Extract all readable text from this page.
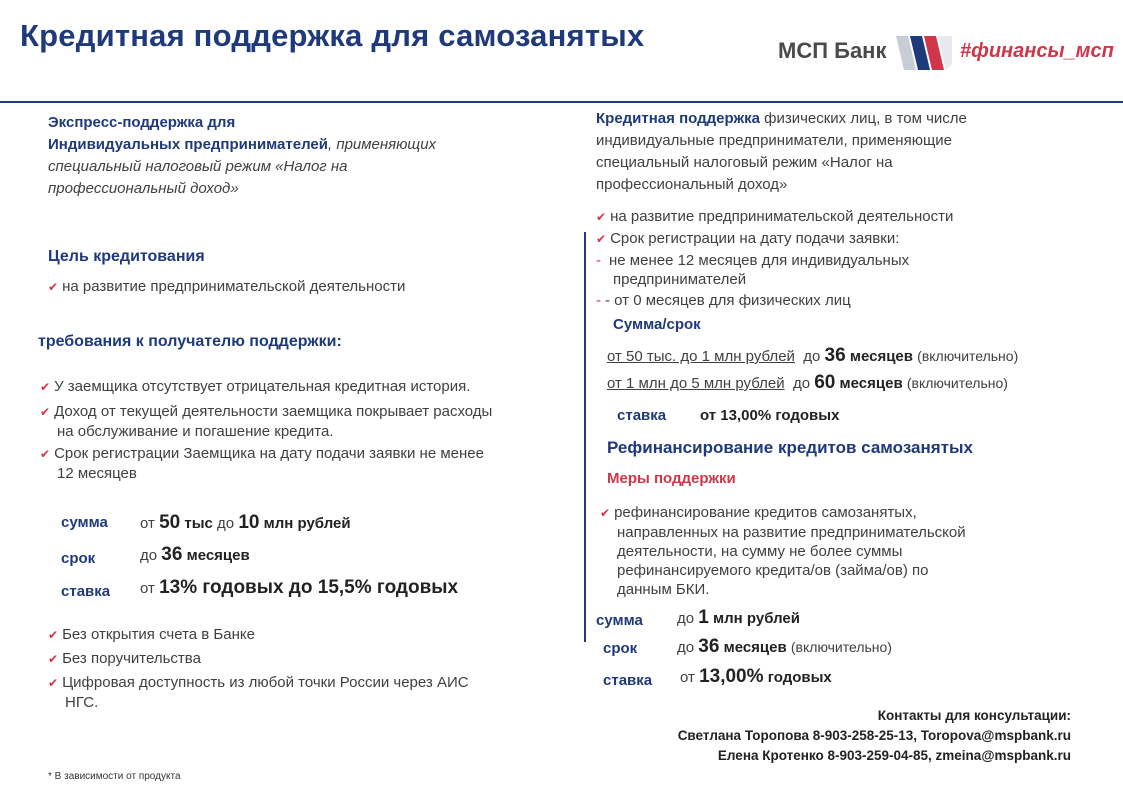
Кредитная поддержка для самозанятых	МСП Банк	#финансы_мсп
Экспресс-поддержка для
Индивидуальных предпринимателей, применяющих
специальный налоговый режим «Налог на
профессиональный доход»
Цель кредитования
✔ на развитие предпринимательской деятельности
требования к получателю поддержки:
✔ У заемщика отсутствует отрицательная кредитная история.
✔ Доход от текущей деятельности заемщика покрывает расходы
на обслуживание и погашение кредита.
✔ Срок регистрации Заемщика на дату подачи заявки не менее
12 месяцев
сумма от 50 тыс до 10 млн рублей
срок	до 36 месяцев
ставка от 13% годовых до 15,5% годовых
✔ Без открытия счета в Банке
✔ Без поручительства
✔ Цифровая доступность из любой точки России через АИС
НГС.
Кредитная поддержка физических лиц, в том числе
индивидуальные предприниматели, применяющие
специальный налоговый режим «Налог на
профессиональный доход»
✔ на развитие предпринимательской деятельности
✔ Срок регистрации на дату подачи заявки:
- не менее 12 месяцев для индивидуальных
предпринимателей
- - от 0 месяцев для физических лиц
Сумма/срок
от 50 тыс. до 1 млн рублей до 36 месяцев (включительно)
от 1 млн до 5 млн рублей до 60 месяцев (включительно)
ставка от 13,00% годовых
Рефинансирование кредитов самозанятых
Меры поддержки
✔ рефинансирование кредитов самозанятых,
направленных на развитие предпринимательской
деятельности, на сумму не более суммы
рефинансируемого кредита/ов (займа/ов) по
данным БКИ.
сумма до 1 млн рублей
срок	до 36 месяцев (включительно)
ставка от 13,00% годовых
Контакты для консультации:
Светлана Торопова 8-903-258-25-13, Toropova@mspbank.ru
Елена Кротенко 8-903-259-04-85, zmeina@mspbank.ru
* В зависимости от продукта
